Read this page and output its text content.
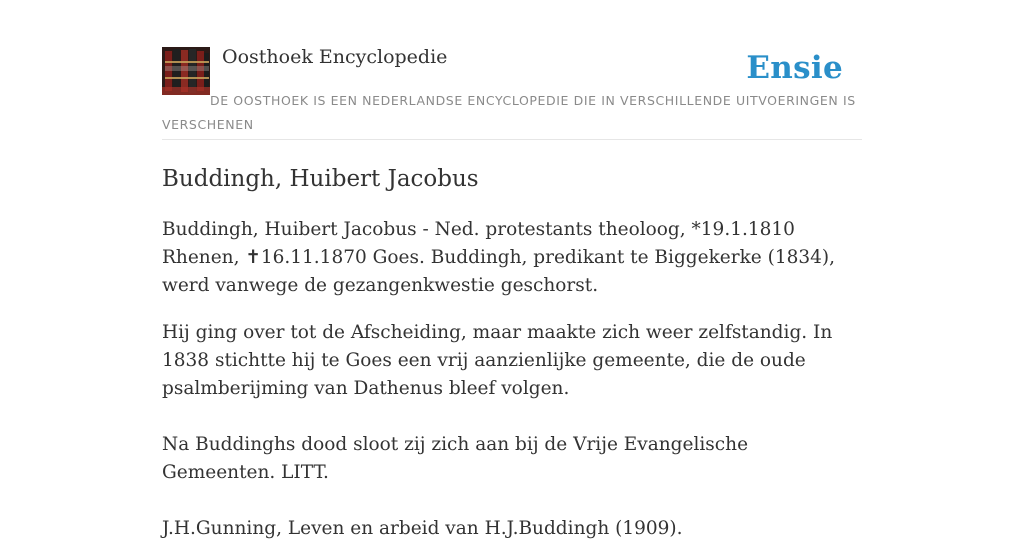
Oosthoek Encyclopedie	Ensie
DE OOSTHOEK IS EEN NEDERLANDSE ENCYCLOPEDIE DIE IN VERSCHILLENDE UITVOERINGEN IS VERSCHENEN
Buddingh, Huibert Jacobus

Buddingh, Huibert Jacobus - Ned. protestants theoloog, *19.1.1810 Rhenen, ✝16.11.1870 Goes. Buddingh, predikant te Biggekerke (1834), werd vanwege de gezangenkwestie geschorst.

Hij ging over tot de Afscheiding, maar maakte zich weer zelfstandig. In 1838 stichtte hij te Goes een vrij aanzienlijke gemeente, die de oude psalmberijming van Dathenus bleef volgen.

Na Buddinghs dood sloot zij zich aan bij de Vrije Evangelische Gemeenten. LITT.

J.H.Gunning, Leven en arbeid van H.J.Buddingh (1909).
